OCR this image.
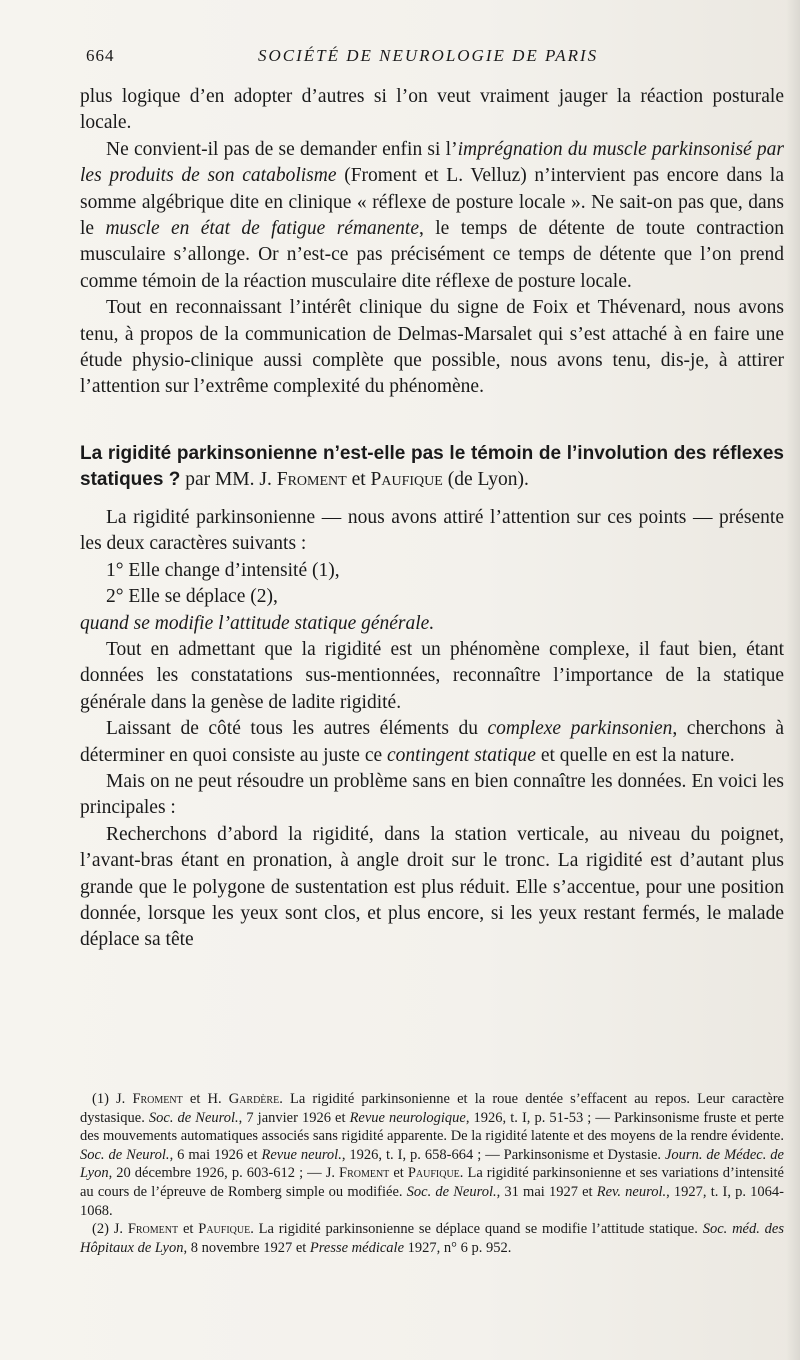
664	SOCIÉTÉ DE NEUROLOGIE DE PARIS

plus logique d’en adopter d’autres si l’on veut vraiment jauger la réaction posturale locale.

Ne convient-il pas de se demander enfin si l’imprégnation du muscle parkinsonisé par les produits de son catabolisme (Froment et L. Velluz) n’intervient pas encore dans la somme algébrique dite en clinique « réflexe de posture locale ». Ne sait-on pas que, dans le muscle en état de fatigue rémanente, le temps de détente de toute contraction musculaire s’allonge. Or n’est-ce pas précisément ce temps de détente que l’on prend comme témoin de la réaction musculaire dite réflexe de posture locale.

Tout en reconnaissant l’intérêt clinique du signe de Foix et Thévenard, nous avons tenu, à propos de la communication de Delmas-Marsalet qui s’est attaché à en faire une étude physio-clinique aussi complète que possible, nous avons tenu, dis-je, à attirer l’attention sur l’extrême complexité du phénomène.

La rigidité parkinsonienne n’est-elle pas le témoin de l’involution des réflexes statiques ? par MM. J. Froment et Paufique (de Lyon).

La rigidité parkinsonienne — nous avons attiré l’attention sur ces points — présente les deux caractères suivants :

1° Elle change d’intensité (1),

2° Elle se déplace (2),

quand se modifie l’attitude statique générale.

Tout en admettant que la rigidité est un phénomène complexe, il faut bien, étant données les constatations sus-mentionnées, reconnaître l’importance de la statique générale dans la genèse de ladite rigidité.

Laissant de côté tous les autres éléments du complexe parkinsonien, cherchons à déterminer en quoi consiste au juste ce contingent statique et quelle en est la nature.

Mais on ne peut résoudre un problème sans en bien connaître les données. En voici les principales :

Recherchons d’abord la rigidité, dans la station verticale, au niveau du poignet, l’avant-bras étant en pronation, à angle droit sur le tronc. La rigidité est d’autant plus grande que le polygone de sustentation est plus réduit. Elle s’accentue, pour une position donnée, lorsque les yeux sont clos, et plus encore, si les yeux restant fermés, le malade déplace sa tête

(1) J. Froment et H. Gardère. La rigidité parkinsonienne et la roue dentée s’effacent au repos. Leur caractère dystasique. Soc. de Neurol., 7 janvier 1926 et Revue neurologique, 1926, t. I, p. 51-53 ; — Parkinsonisme fruste et perte des mouvements automatiques associés sans rigidité apparente. De la rigidité latente et des moyens de la rendre évidente. Soc. de Neurol., 6 mai 1926 et Revue neurol., 1926, t. I, p. 658-664 ; — Parkinsonisme et Dystasie. Journ. de Médec. de Lyon, 20 décembre 1926, p. 603-612 ; — J. Froment et Paufique. La rigidité parkinsonienne et ses variations d’intensité au cours de l’épreuve de Romberg simple ou modifiée. Soc. de Neurol., 31 mai 1927 et Rev. neurol., 1927, t. I, p. 1064-1068.

(2) J. Froment et Paufique. La rigidité parkinsonienne se déplace quand se modifie l’attitude statique. Soc. méd. des Hôpitaux de Lyon, 8 novembre 1927 et Presse médicale 1927, n° 6 p. 952.
